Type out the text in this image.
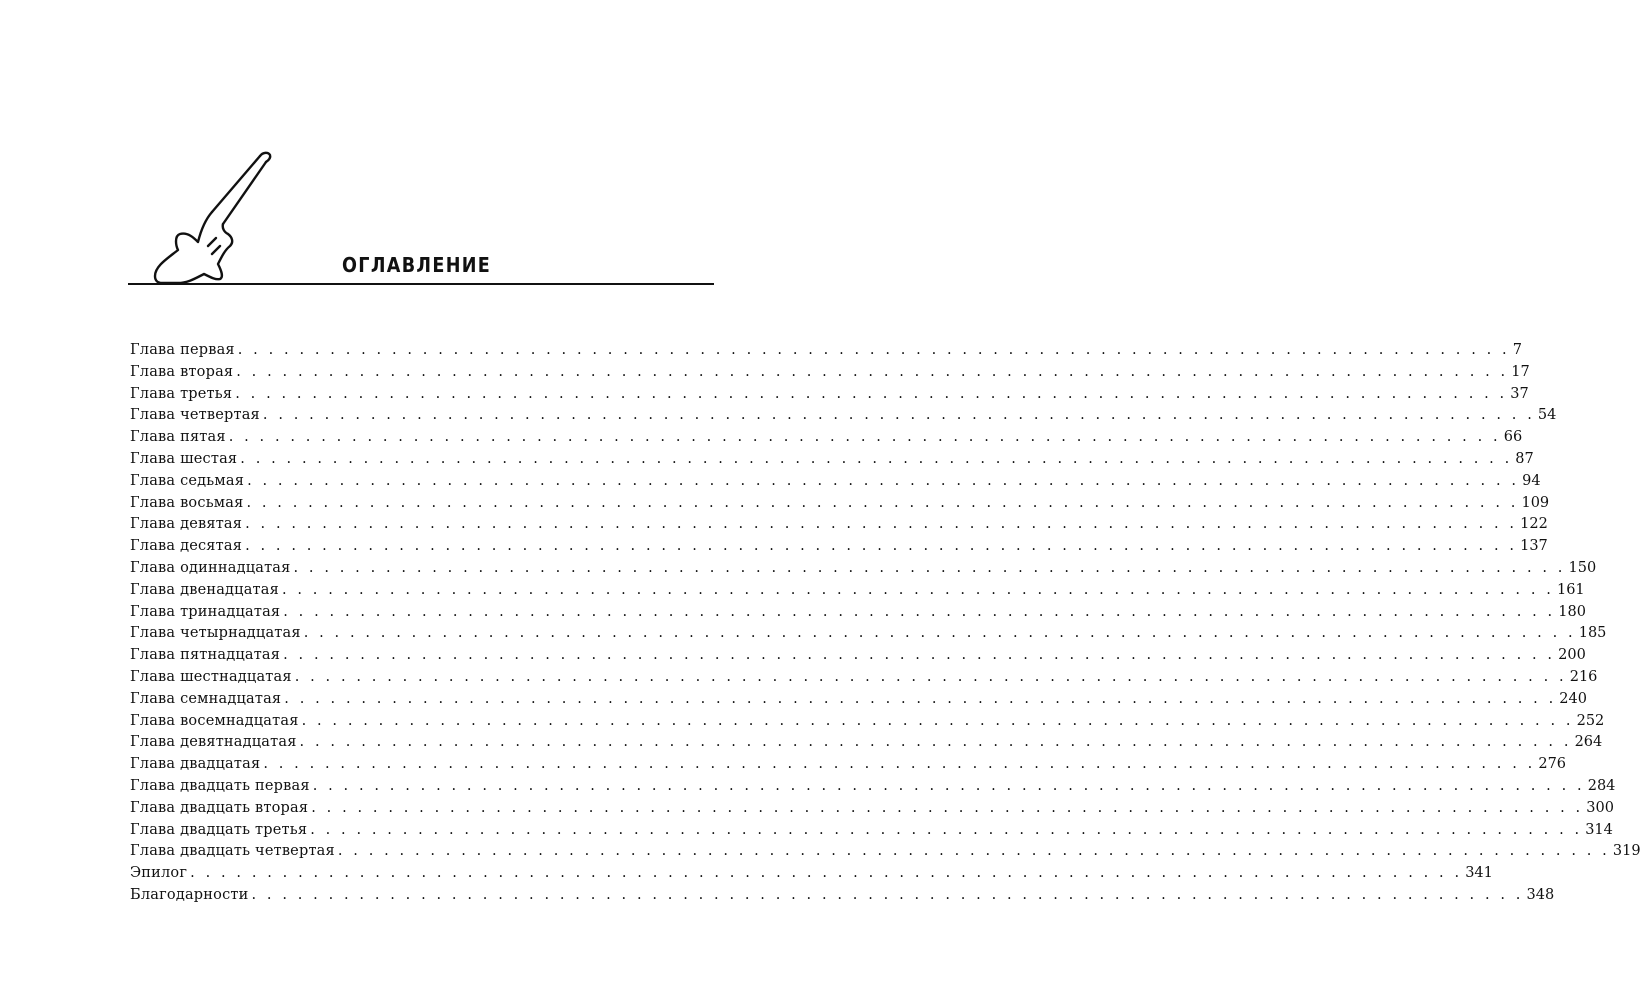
ОГЛАВЛЕНИЕ
Глава первая . . . . . . . . . . . . . . . . . . . . . . . . . . . . . . . . . . . . . . . . . . . . . . . . . . . . . . . . . . . . . . . . . . . . . . . . . . . . . . . . . . . 7
Глава вторая . . . . . . . . . . . . . . . . . . . . . . . . . . . . . . . . . . . . . . . . . . . . . . . . . . . . . . . . . . . . . . . . . . . . . . . . . . . . . . . . . . . 17
Глава третья . . . . . . . . . . . . . . . . . . . . . . . . . . . . . . . . . . . . . . . . . . . . . . . . . . . . . . . . . . . . . . . . . . . . . . . . . . . . . . . . . . . 37
Глава четвертая . . . . . . . . . . . . . . . . . . . . . . . . . . . . . . . . . . . . . . . . . . . . . . . . . . . . . . . . . . . . . . . . . . . . . . . . . . . . . . . . . . . 54
Глава пятая . . . . . . . . . . . . . . . . . . . . . . . . . . . . . . . . . . . . . . . . . . . . . . . . . . . . . . . . . . . . . . . . . . . . . . . . . . . . . . . . . . . 66
Глава шестая . . . . . . . . . . . . . . . . . . . . . . . . . . . . . . . . . . . . . . . . . . . . . . . . . . . . . . . . . . . . . . . . . . . . . . . . . . . . . . . . . . . 87
Глава седьмая . . . . . . . . . . . . . . . . . . . . . . . . . . . . . . . . . . . . . . . . . . . . . . . . . . . . . . . . . . . . . . . . . . . . . . . . . . . . . . . . . . . 94
Глава восьмая . . . . . . . . . . . . . . . . . . . . . . . . . . . . . . . . . . . . . . . . . . . . . . . . . . . . . . . . . . . . . . . . . . . . . . . . . . . . . . . . . . . 109
Глава девятая . . . . . . . . . . . . . . . . . . . . . . . . . . . . . . . . . . . . . . . . . . . . . . . . . . . . . . . . . . . . . . . . . . . . . . . . . . . . . . . . . . . 122
Глава десятая . . . . . . . . . . . . . . . . . . . . . . . . . . . . . . . . . . . . . . . . . . . . . . . . . . . . . . . . . . . . . . . . . . . . . . . . . . . . . . . . . . . 137
Глава одиннадцатая . . . . . . . . . . . . . . . . . . . . . . . . . . . . . . . . . . . . . . . . . . . . . . . . . . . . . . . . . . . . . . . . . . . . . . . . . . . . . . . . . . . 150
Глава двенадцатая . . . . . . . . . . . . . . . . . . . . . . . . . . . . . . . . . . . . . . . . . . . . . . . . . . . . . . . . . . . . . . . . . . . . . . . . . . . . . . . . . . . 161
Глава тринадцатая . . . . . . . . . . . . . . . . . . . . . . . . . . . . . . . . . . . . . . . . . . . . . . . . . . . . . . . . . . . . . . . . . . . . . . . . . . . . . . . . . . . 180
Глава четырнадцатая . . . . . . . . . . . . . . . . . . . . . . . . . . . . . . . . . . . . . . . . . . . . . . . . . . . . . . . . . . . . . . . . . . . . . . . . . . . . . . . . . . . 185
Глава пятнадцатая . . . . . . . . . . . . . . . . . . . . . . . . . . . . . . . . . . . . . . . . . . . . . . . . . . . . . . . . . . . . . . . . . . . . . . . . . . . . . . . . . . . 200
Глава шестнадцатая . . . . . . . . . . . . . . . . . . . . . . . . . . . . . . . . . . . . . . . . . . . . . . . . . . . . . . . . . . . . . . . . . . . . . . . . . . . . . . . . . . . 216
Глава семнадцатая . . . . . . . . . . . . . . . . . . . . . . . . . . . . . . . . . . . . . . . . . . . . . . . . . . . . . . . . . . . . . . . . . . . . . . . . . . . . . . . . . . . 240
Глава восемнадцатая . . . . . . . . . . . . . . . . . . . . . . . . . . . . . . . . . . . . . . . . . . . . . . . . . . . . . . . . . . . . . . . . . . . . . . . . . . . . . . . . . . . 252
Глава девятнадцатая . . . . . . . . . . . . . . . . . . . . . . . . . . . . . . . . . . . . . . . . . . . . . . . . . . . . . . . . . . . . . . . . . . . . . . . . . . . . . . . . . . . 264
Глава двадцатая . . . . . . . . . . . . . . . . . . . . . . . . . . . . . . . . . . . . . . . . . . . . . . . . . . . . . . . . . . . . . . . . . . . . . . . . . . . . . . . . . . . 276
Глава двадцать первая . . . . . . . . . . . . . . . . . . . . . . . . . . . . . . . . . . . . . . . . . . . . . . . . . . . . . . . . . . . . . . . . . . . . . . . . . . . . . . . . . . . 284
Глава двадцать вторая . . . . . . . . . . . . . . . . . . . . . . . . . . . . . . . . . . . . . . . . . . . . . . . . . . . . . . . . . . . . . . . . . . . . . . . . . . . . . . . . . . . 300
Глава двадцать третья . . . . . . . . . . . . . . . . . . . . . . . . . . . . . . . . . . . . . . . . . . . . . . . . . . . . . . . . . . . . . . . . . . . . . . . . . . . . . . . . . . . 314
Глава двадцать четвертая . . . . . . . . . . . . . . . . . . . . . . . . . . . . . . . . . . . . . . . . . . . . . . . . . . . . . . . . . . . . . . . . . . . . . . . . . . . . . . . . . . . 319
Эпилог . . . . . . . . . . . . . . . . . . . . . . . . . . . . . . . . . . . . . . . . . . . . . . . . . . . . . . . . . . . . . . . . . . . . . . . . . . . . . . . . . . . 341
Благодарности . . . . . . . . . . . . . . . . . . . . . . . . . . . . . . . . . . . . . . . . . . . . . . . . . . . . . . . . . . . . . . . . . . . . . . . . . . . . . . . . . . . 348
